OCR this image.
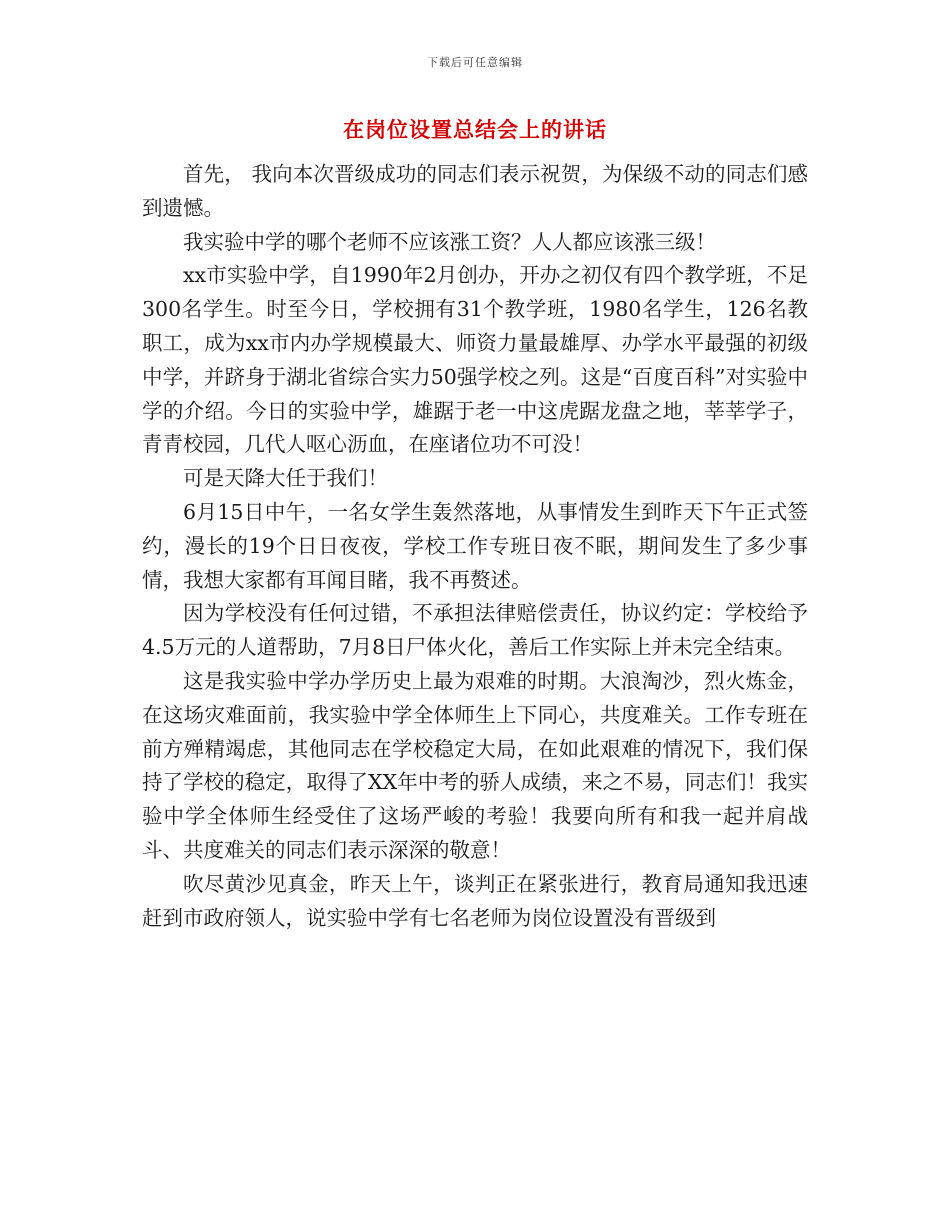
下载后可任意编辑
在岗位设置总结会上的讲话

首先， 我向本次晋级成功的同志们表示祝贺，为保级不动的同志们感到遗憾。

我实验中学的哪个老师不应该涨工资？人人都应该涨三级！

xx市实验中学，自1990年2月创办，开办之初仅有四个教学班，不足300名学生。时至今日，学校拥有31个教学班，1980名学生，126名教职工，成为xx市内办学规模最大、师资力量最雄厚、办学水平最强的初级中学，并跻身于湖北省综合实力50强学校之列。这是“百度百科”对实验中学的介绍。今日的实验中学，雄踞于老一中这虎踞龙盘之地，莘莘学子，青青校园，几代人呕心沥血，在座诸位功不可没！

可是天降大任于我们！

6月15日中午，一名女学生轰然落地，从事情发生到昨天下午正式签约，漫长的19个日日夜夜，学校工作专班日夜不眠，期间发生了多少事情，我想大家都有耳闻目睹，我不再赘述。

因为学校没有任何过错，不承担法律赔偿责任，协议约定：学校给予4.5万元的人道帮助，7月8日尸体火化，善后工作实际上并未完全结束。

这是我实验中学办学历史上最为艰难的时期。大浪淘沙，烈火炼金，在这场灾难面前，我实验中学全体师生上下同心，共度难关。工作专班在前方殚精竭虑，其他同志在学校稳定大局，在如此艰难的情况下，我们保持了学校的稳定，取得了XX年中考的骄人成绩，来之不易，同志们！我实验中学全体师生经受住了这场严峻的考验！我要向所有和我一起并肩战斗、共度难关的同志们表示深深的敬意！

吹尽黄沙见真金，昨天上午，谈判正在紧张进行，教育局通知我迅速赶到市政府领人，说实验中学有七名老师为岗位设置没有晋级到
